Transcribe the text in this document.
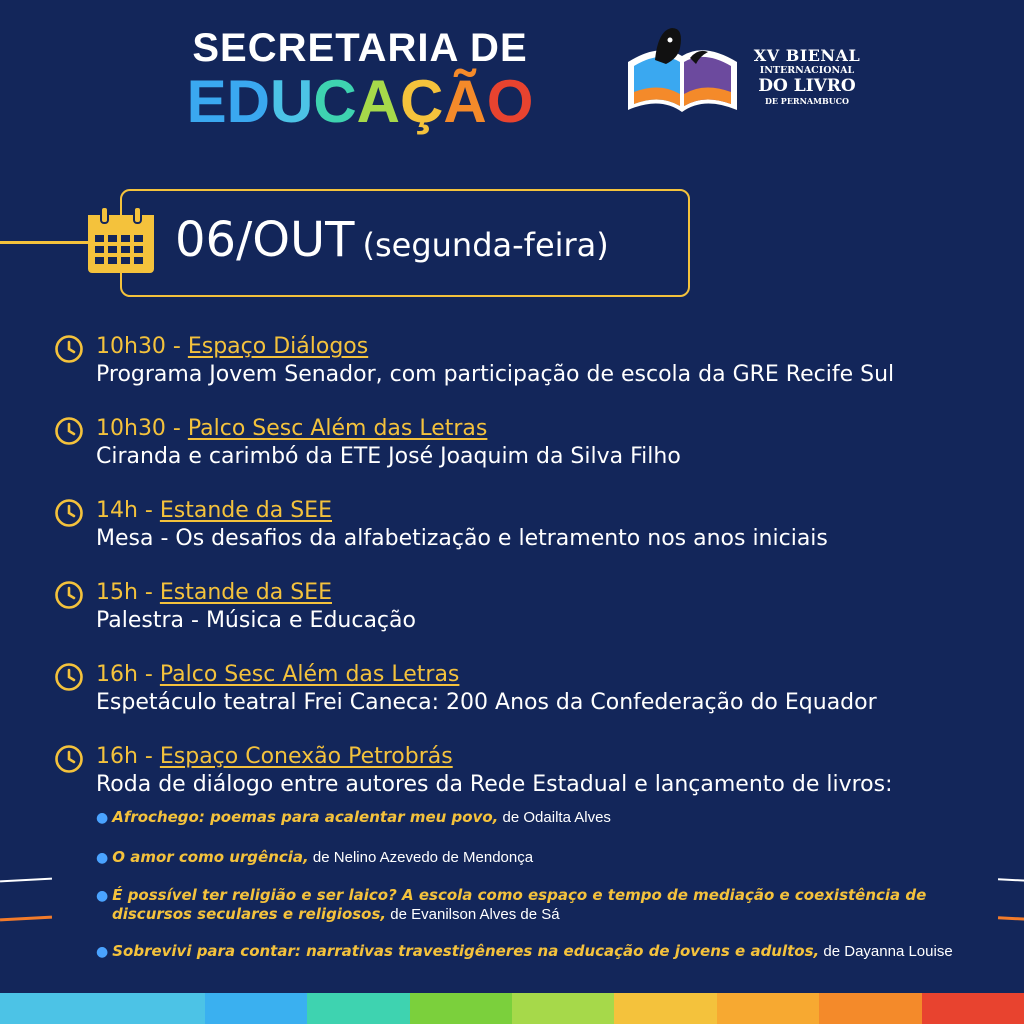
SECRETARIA DE
EDUCAÇÃO
XV BIENAL
INTERNACIONAL
DO LIVRO
DE PERNAMBUCO
06/OUT (segunda-feira)
10h30 - Espaço Diálogos
Programa Jovem Senador, com participação de escola da GRE Recife Sul
10h30 - Palco Sesc Além das Letras
Ciranda e carimbó da ETE José Joaquim da Silva Filho
14h - Estande da SEE
Mesa - Os desafios da alfabetização e letramento nos anos iniciais
15h - Estande da SEE
Palestra - Música e Educação
16h - Palco Sesc Além das Letras
Espetáculo teatral Frei Caneca: 200 Anos da Confederação do Equador
16h - Espaço Conexão Petrobrás
Roda de diálogo entre autores da Rede Estadual e lançamento de livros:
● Afrochego: poemas para acalentar meu povo, de Odailta Alves
● O amor como urgência, de Nelino Azevedo de Mendonça
● É possível ter religião e ser laico? A escola como espaço e tempo de mediação e coexistência de
discursos seculares e religiosos, de Evanilson Alves de Sá
● Sobrevivi para contar: narrativas travestigêneres na educação de jovens e adultos, de Dayanna Louise
